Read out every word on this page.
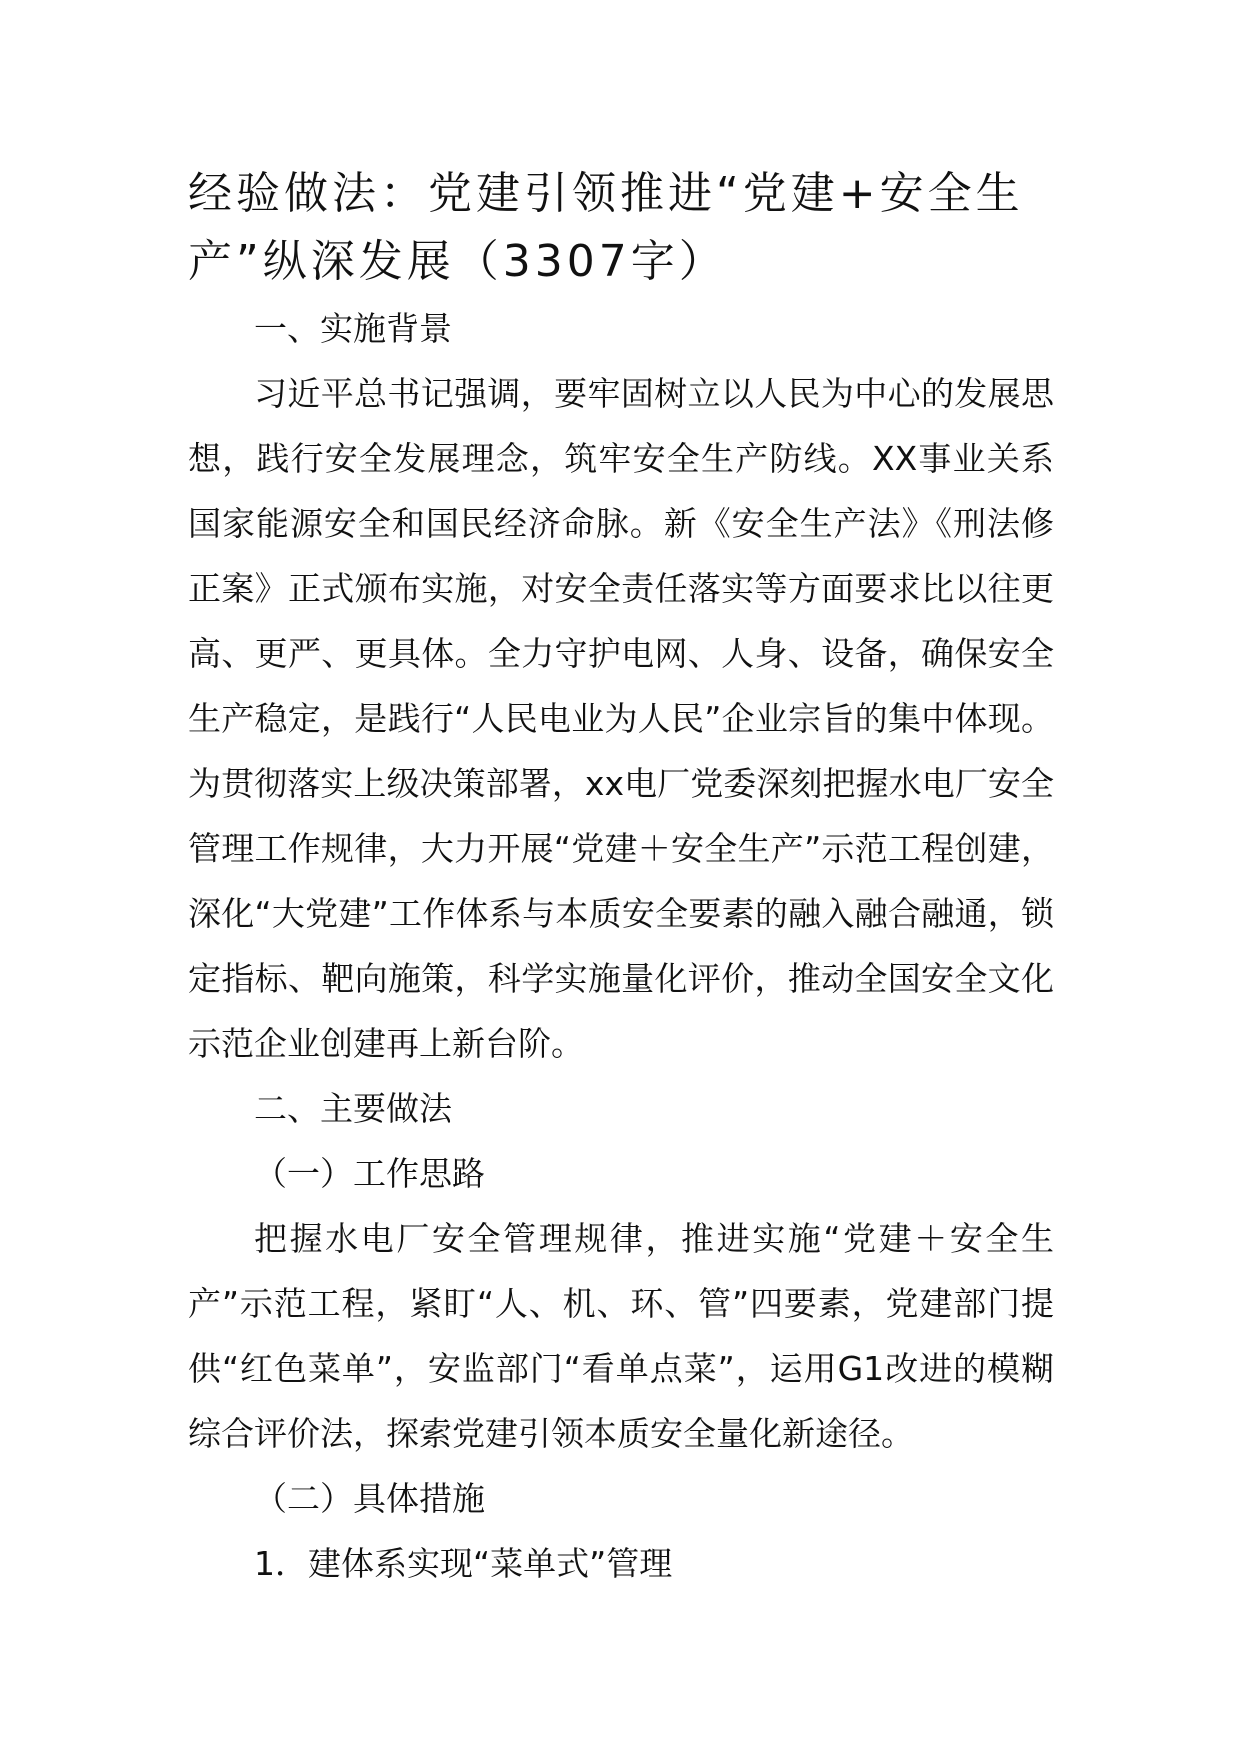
经验做法：党建引领推进“党建+安全生产”纵深发展（3307字）

一、实施背景

习近平总书记强调，要牢固树立以人民为中心的发展思想，践行安全发展理念，筑牢安全生产防线。XX事业关系国家能源安全和国民经济命脉。新《安全生产法》《刑法修正案》正式颁布实施，对安全责任落实等方面要求比以往更高、更严、更具体。全力守护电网、人身、设备，确保安全生产稳定，是践行“人民电业为人民”企业宗旨的集中体现。为贯彻落实上级决策部署，xx电厂党委深刻把握水电厂安全管理工作规律，大力开展“党建＋安全生产”示范工程创建，深化“大党建”工作体系与本质安全要素的融入融合融通，锁定指标、靶向施策，科学实施量化评价，推动全国安全文化示范企业创建再上新台阶。

二、主要做法

（一）工作思路

把握水电厂安全管理规律，推进实施“党建＋安全生产”示范工程，紧盯“人、机、环、管”四要素，党建部门提供“红色菜单”，安监部门“看单点菜”，运用G1改进的模糊综合评价法，探索党建引领本质安全量化新途径。

（二）具体措施

1．建体系实现“菜单式”管理
